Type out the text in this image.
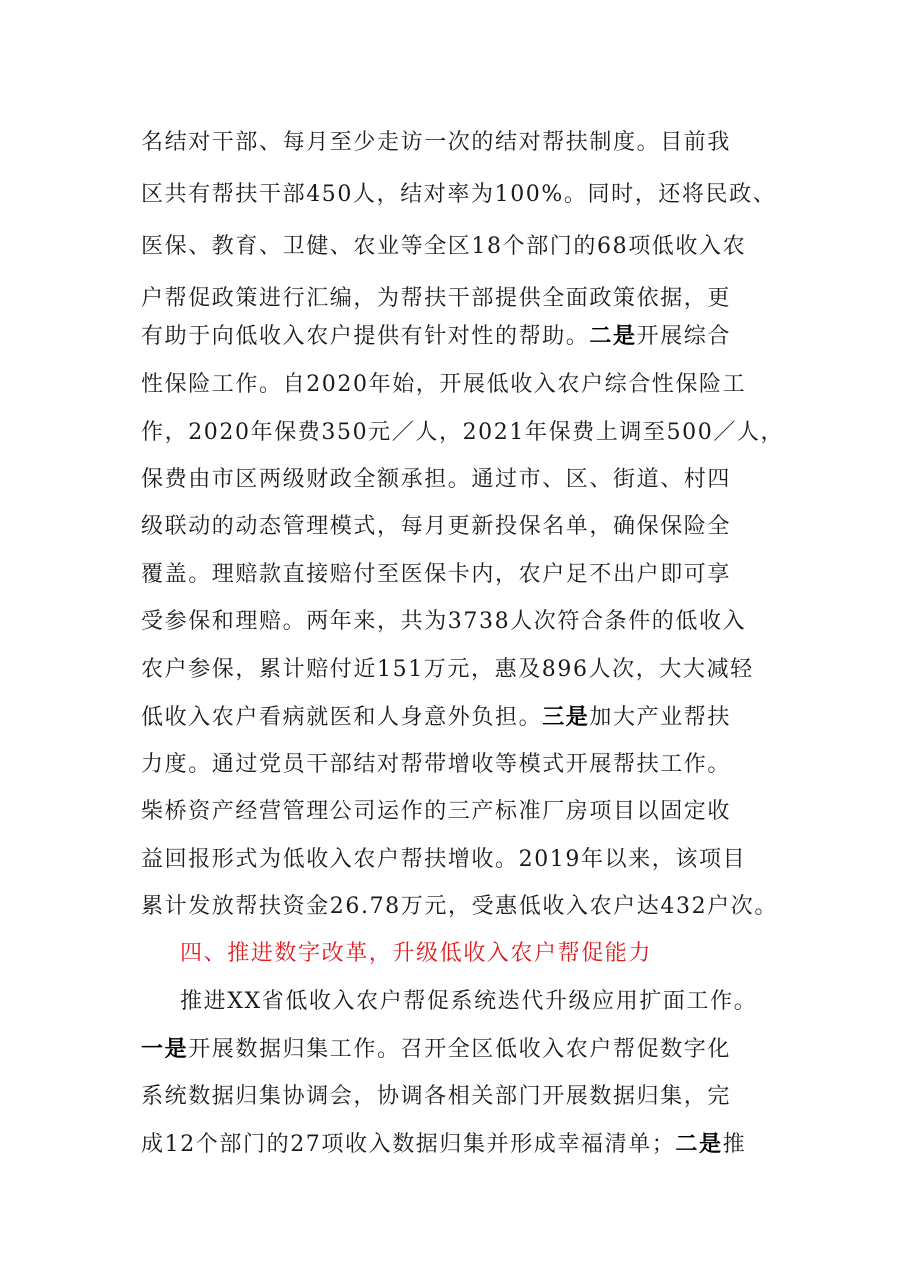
名结对干部、每月至少走访一次的结对帮扶制度。目前我
区共有帮扶干部450人，结对率为100%。同时，还将民政、
医保、教育、卫健、农业等全区18个部门的68项低收入农
户帮促政策进行汇编，为帮扶干部提供全面政策依据，更
有助于向低收入农户提供有针对性的帮助。二是开展综合
性保险工作。自2020年始，开展低收入农户综合性保险工
作，2020年保费350元／人，2021年保费上调至500／人，
保费由市区两级财政全额承担。通过市、区、街道、村四
级联动的动态管理模式，每月更新投保名单，确保保险全
覆盖。理赔款直接赔付至医保卡内，农户足不出户即可享
受参保和理赔。两年来，共为3738人次符合条件的低收入
农户参保，累计赔付近151万元，惠及896人次，大大减轻
低收入农户看病就医和人身意外负担。三是加大产业帮扶
力度。通过党员干部结对帮带增收等模式开展帮扶工作。
柴桥资产经营管理公司运作的三产标准厂房项目以固定收
益回报形式为低收入农户帮扶增收。2019年以来，该项目
累计发放帮扶资金26.78万元，受惠低收入农户达432户次。
四、推进数字改革，升级低收入农户帮促能力
推进XX省低收入农户帮促系统迭代升级应用扩面工作。
一是开展数据归集工作。召开全区低收入农户帮促数字化
系统数据归集协调会，协调各相关部门开展数据归集，完
成12个部门的27项收入数据归集并形成幸福清单；二是推
